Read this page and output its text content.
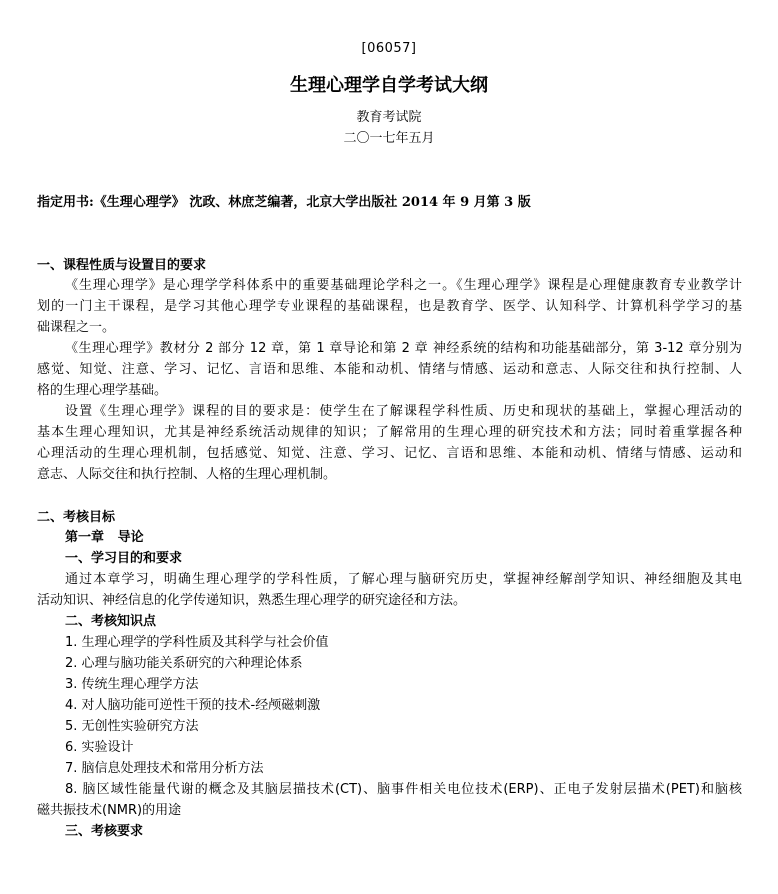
[06057]
生理心理学自学考试大纲
教育考试院
二〇一七年五月
指定用书:《生理心理学》 沈政、林庶芝编著，北京大学出版社 2014 年 9 月第 3 版
一、课程性质与设置目的要求
《生理心理学》是心理学学科体系中的重要基础理论学科之一。《生理心理学》课程是心理健康教育专业教学计
划的一门主干课程，是学习其他心理学专业课程的基础课程，也是教育学、医学、认知科学、计算机科学学习的基
础课程之一。
《生理心理学》教材分 2 部分 12 章，第 1 章导论和第 2 章 神经系统的结构和功能基础部分，第 3-12 章分别为
感觉、知觉、注意、学习、记忆、言语和思维、本能和动机、情绪与情感、运动和意志、人际交往和执行控制、人
格的生理心理学基础。
设置《生理心理学》课程的目的要求是：使学生在了解课程学科性质、历史和现状的基础上，掌握心理活动的
基本生理心理知识，尤其是神经系统活动规律的知识；了解常用的生理心理的研究技术和方法；同时着重掌握各种
心理活动的生理心理机制，包括感觉、知觉、注意、学习、记忆、言语和思维、本能和动机、情绪与情感、运动和
意志、人际交往和执行控制、人格的生理心理机制。
二、考核目标
第一章   导论
一、学习目的和要求
通过本章学习，明确生理心理学的学科性质，了解心理与脑研究历史，掌握神经解剖学知识、神经细胞及其电
活动知识、神经信息的化学传递知识，熟悉生理心理学的研究途径和方法。
二、考核知识点
1. 生理心理学的学科性质及其科学与社会价值
2. 心理与脑功能关系研究的六种理论体系
3. 传统生理心理学方法
4. 对人脑功能可逆性干预的技术-经颅磁刺激
5. 无创性实验研究方法
6. 实验设计
7. 脑信息处理技术和常用分析方法
8. 脑区域性能量代谢的概念及其脑层描技术(CT)、脑事件相关电位技术(ERP)、正电子发射层描术(PET)和脑核
磁共振技术(NMR)的用途
三、考核要求
